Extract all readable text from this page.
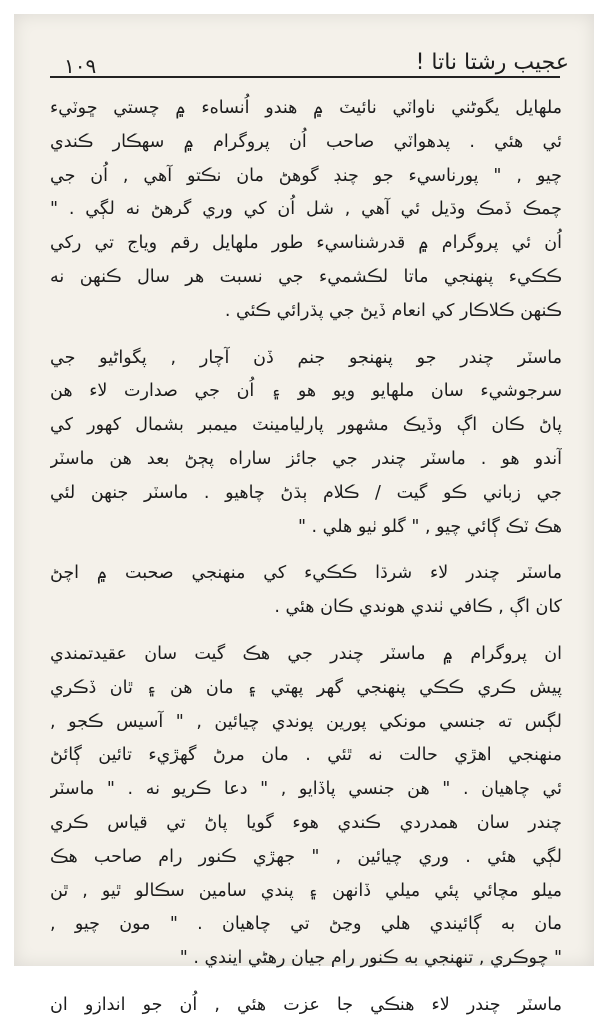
١٠٩	عجيب رشتا ناتا !
ملهايل يگوڻني ناواٽي نائيٽ ۾ هندو اُنساهء ۾ چستي ڇوٽيء
ئي هئي . پدهواٽي صاحب اُن پروگرام ۾ سهڪار ڪندي
چيو , " پورناسيء جو چنڊ گوهڻ مان نڪتو آهي , اُن جي
چمڪ ڏمڪ وڌيل ئي آهي , شل اُن کي وري گرهڻ نه لڳي . "
اُن ئي پروگرام ۾ قدرشناسيء طور ملهايل رقم وياج تي رکي
ڪڪيء پنهنجي ماتا لڪشميء جي نسبت هر سال ڪنهن نه
ڪنهن ڪلاڪار کي انعام ڏيڻ جي پڌرائي ڪئي .
ماسٽر چندر جو پنهنجو جنم ڏن آچار , پگواڻيو جي
سرجوشيء سان ملهايو ويو هو ۽ اُن جي صدارت لاء هن
پاڻ ڪان اڳ وڏيڪ مشهور پارليامينٽ ميمبر بشمال کهور کي
آندو هو . ماسٽر چندر جي جائز ساراه پڄڻ بعد هن ماسٽر
جي زباني ڪو گيت / ڪلام ٻڌڻ چاهيو . ماسٽر جنهن لئي
هڪ ٽڪ ڳائي چيو , " گلو ٺيو هلي . "
ماسٽر چندر لاء شرڌا ڪڪيء کي منهنجي صحبت ۾ اچڻ
کان اڳ , ڪافي ٺندي هوندي ڪان هئي .
ان پروگرام ۾ ماسٽر چندر جي هڪ گيت سان عقيدتمندي
پيش ڪري ڪڪي پنهنجي گهر پهتي ۽ مان هن ۽ ٿان ڏڪري
لڳس ته جنسي مونکي پورين پوندي چيائين , " آسيس ڪجو ,
منهنجي اهڙي حالت نه ٿئي . مان مرڻ گهڙيء تائين ڳائڻ
ئي چاهيان . " هن جنسي پاڏايو , " دعا ڪريو نه . " ماسٽر
چندر سان همدردي ڪندي هوء گويا پاڻ تي قياس ڪري
لڳي هئي . وري چيائين , " جهڙي ڪنور رام صاحب هڪ
ميلو مچائي پئي ميلي ڏانهن ۽ پندي سامين سڪالو ٿيو , ٿن
مان به ڳائيندي هلي وڃڻ تي چاهيان . " مون چيو ,
" چوڪري , تنهنجي به ڪنور رام جيان رهڻي ايندي . "
ماسٽر چندر لاء هنڪي جا عزت هئي , اُن جو اندازو ان
